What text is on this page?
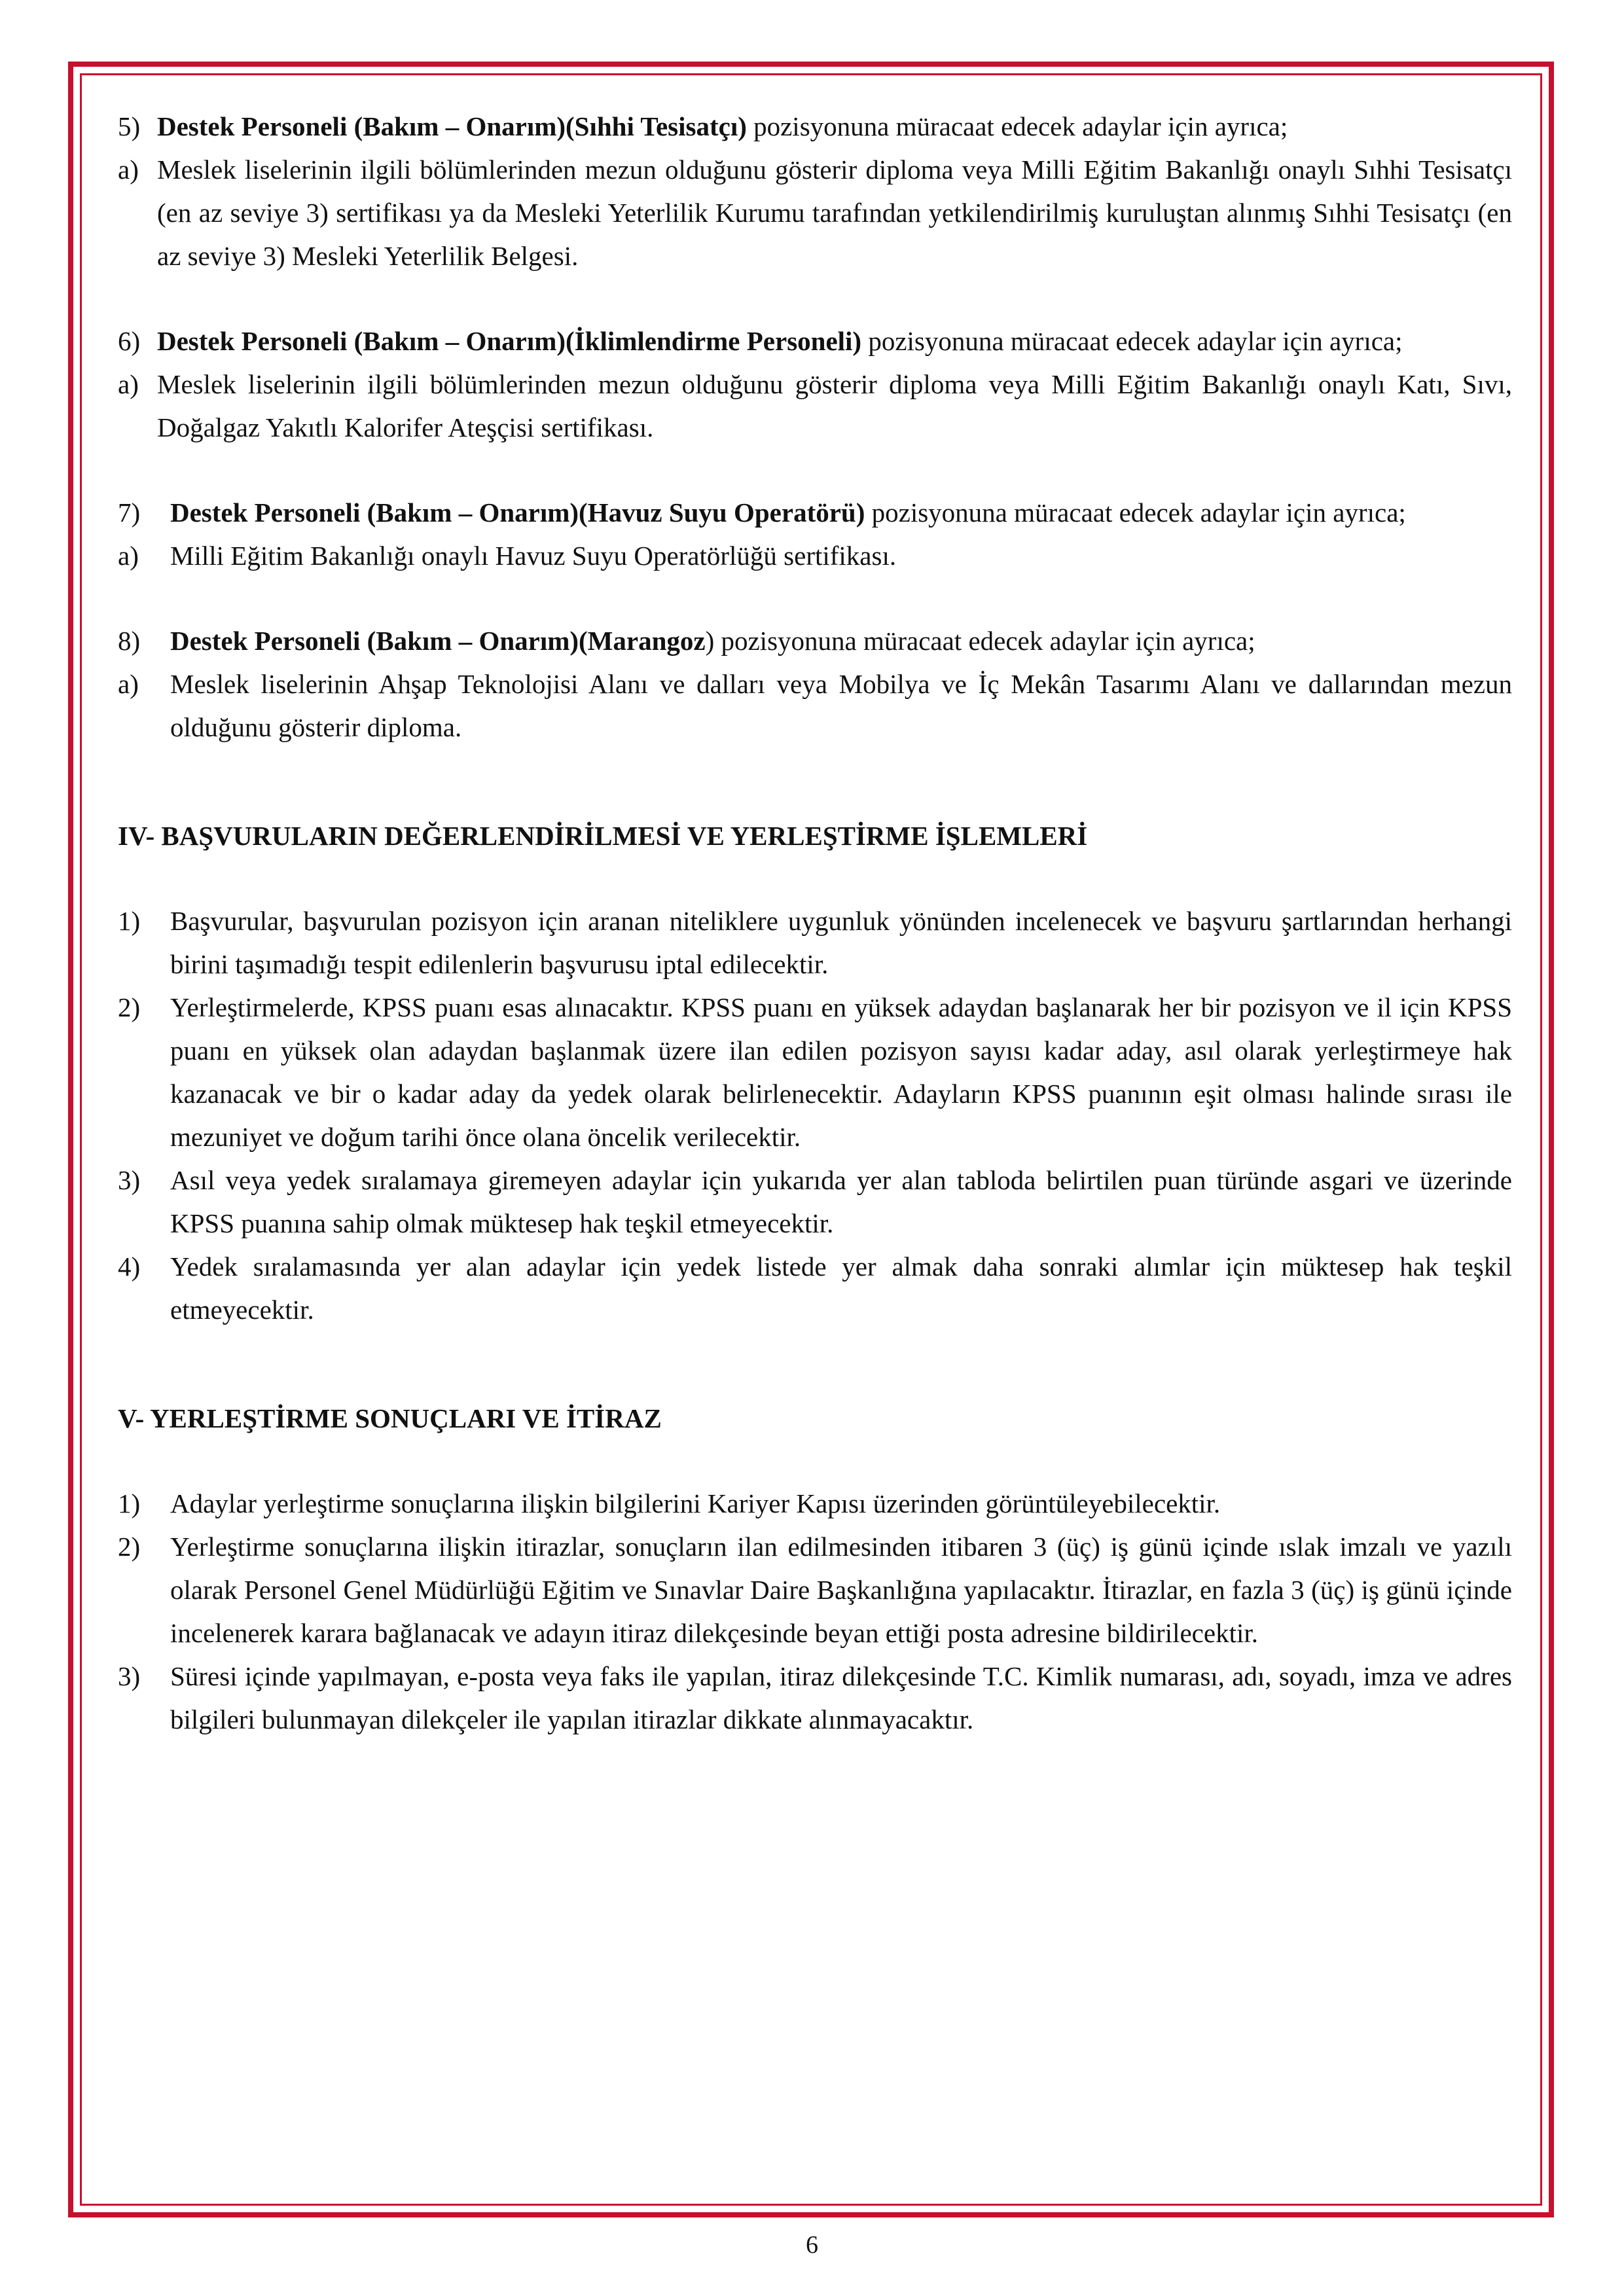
5) Destek Personeli (Bakım – Onarım)(Sıhhi Tesisatçı) pozisyonuna müracaat edecek adaylar için ayrıca;
a) Meslek liselerinin ilgili bölümlerinden mezun olduğunu gösterir diploma veya Milli Eğitim Bakanlığı onaylı Sıhhi Tesisatçı (en az seviye 3) sertifikası ya da Mesleki Yeterlilik Kurumu tarafından yetkilendirilmiş kuruluştan alınmış Sıhhi Tesisatçı (en az seviye 3) Mesleki Yeterlilik Belgesi.
6) Destek Personeli (Bakım – Onarım)(İklimlendirme Personeli) pozisyonuna müracaat edecek adaylar için ayrıca;
a) Meslek liselerinin ilgili bölümlerinden mezun olduğunu gösterir diploma veya Milli Eğitim Bakanlığı onaylı Katı, Sıvı, Doğalgaz Yakıtlı Kalorifer Ateşçisi sertifikası.
7)	Destek Personeli (Bakım – Onarım)(Havuz Suyu Operatörü) pozisyonuna müracaat edecek adaylar için ayrıca;
a)	Milli Eğitim Bakanlığı onaylı Havuz Suyu Operatörlüğü sertifikası.
8)	Destek Personeli (Bakım – Onarım)(Marangoz) pozisyonuna müracaat edecek adaylar için ayrıca;
a)	Meslek liselerinin Ahşap Teknolojisi Alanı ve dalları veya Mobilya ve İç Mekân Tasarımı Alanı ve dallarından mezun olduğunu gösterir diploma.
IV- BAŞVURULARIN DEĞERLENDİRİLMESİ VE YERLEŞTİRME İŞLEMLERİ
1)	Başvurular, başvurulan pozisyon için aranan niteliklere uygunluk yönünden incelenecek ve başvuru şartlarından herhangi birini taşımadığı tespit edilenlerin başvurusu iptal edilecektir.
2)	Yerleştirmelerde, KPSS puanı esas alınacaktır. KPSS puanı en yüksek adaydan başlanarak her bir pozisyon ve il için KPSS puanı en yüksek olan adaydan başlanmak üzere ilan edilen pozisyon sayısı kadar aday, asıl olarak yerleştirmeye hak kazanacak ve bir o kadar aday da yedek olarak belirlenecektir. Adayların KPSS puanının eşit olması halinde sırası ile mezuniyet ve doğum tarihi önce olana öncelik verilecektir.
3)	Asıl veya yedek sıralamaya giremeyen adaylar için yukarıda yer alan tabloda belirtilen puan türünde asgari ve üzerinde KPSS puanına sahip olmak müktesep hak teşkil etmeyecektir.
4)	Yedek sıralamasında yer alan adaylar için yedek listede yer almak daha sonraki alımlar için müktesep hak teşkil etmeyecektir.
V- YERLEŞTİRME SONUÇLARI VE İTİRAZ
1)	Adaylar yerleştirme sonuçlarına ilişkin bilgilerini Kariyer Kapısı üzerinden görüntüleyebilecektir.
2)	Yerleştirme sonuçlarına ilişkin itirazlar, sonuçların ilan edilmesinden itibaren 3 (üç) iş günü içinde ıslak imzalı ve yazılı olarak Personel Genel Müdürlüğü Eğitim ve Sınavlar Daire Başkanlığına yapılacaktır. İtirazlar, en fazla 3 (üç) iş günü içinde incelenerek karara bağlanacak ve adayın itiraz dilekçesinde beyan ettiği posta adresine bildirilecektir.
3)	Süresi içinde yapılmayan, e-posta veya faks ile yapılan, itiraz dilekçesinde T.C. Kimlik numarası, adı, soyadı, imza ve adres bilgileri bulunmayan dilekçeler ile yapılan itirazlar dikkate alınmayacaktır.
6
